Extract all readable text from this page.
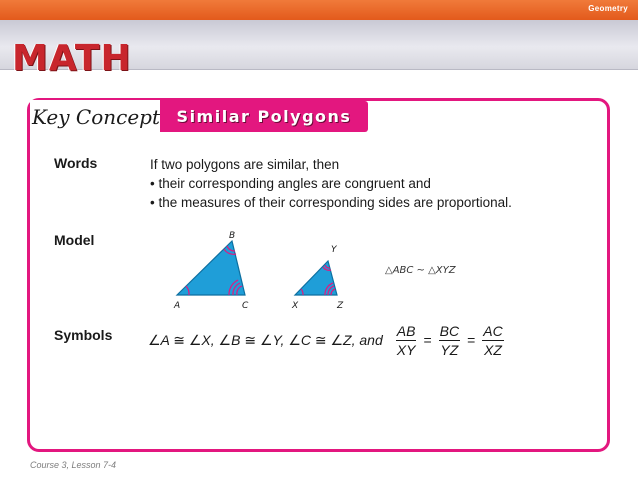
Geometry
MATH
Key Concept	Similar Polygons
Words	If two polygons are similar, then
• their corresponding angles are congruent and
• the measures of their corresponding sides are proportional.
Model
A
B
C	X
Y
Z
△ABC ~ △XYZ
Symbols	∠A ≅ ∠X, ∠B ≅ ∠Y, ∠C ≅ ∠Z, and $\frac{AB}{XY} = \frac{BC}{YZ} = \frac{AC}{XZ}$
Course 3, Lesson 7-4
